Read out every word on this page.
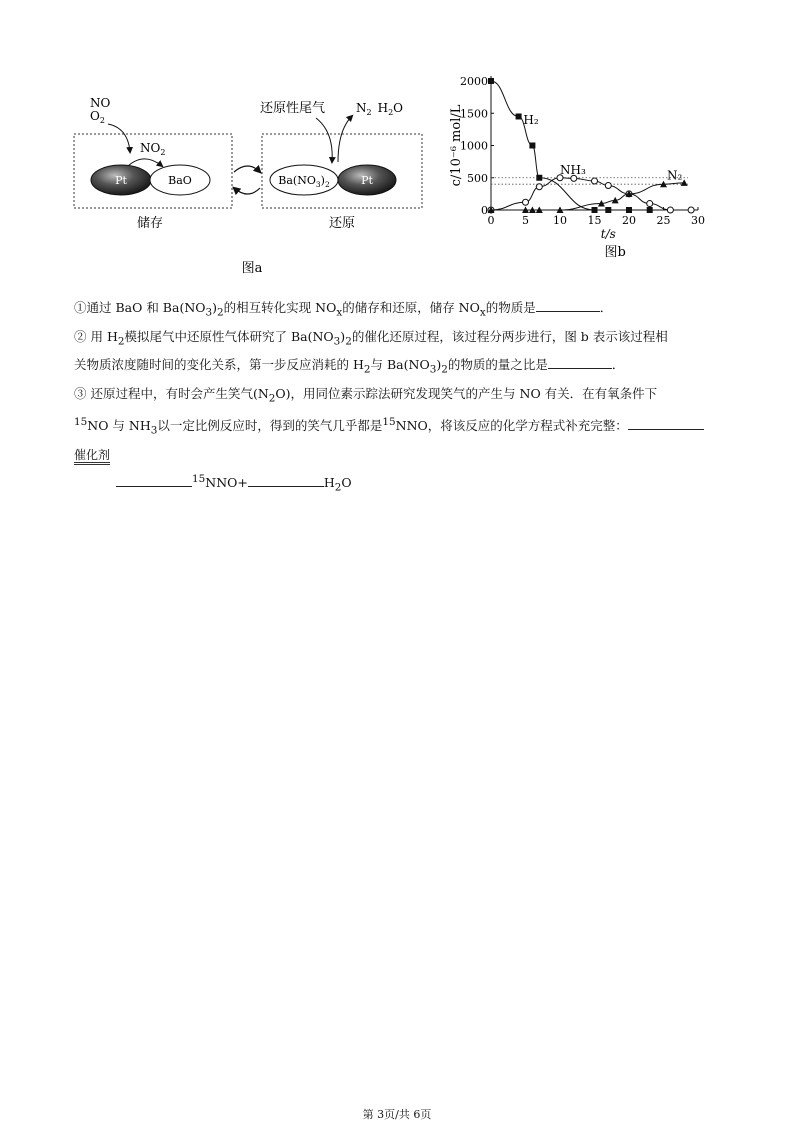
NO
$O_2$
$NO_2$
Pt	BaO	$Ba(NO_3)_2$	Pt
还原性尾气	$N_2$ $H_2O$
储存	还原
图a
0	5 10 15 20 25 30
0
500
1000
1500
2000
H₂
NH₃	N₂
t/s
c/10⁻⁶ mol/L
图b

①通过 BaO 和 $Ba(NO_3)_2$的相互转化实现 $NO_x$的储存和还原，储存 $NO_x$的物质是	．

② 用 $H_2$模拟尾气中还原性气体研究了 $Ba(NO_3)_2$的催化还原过程，该过程分两步进行，图 b 表示该过程相
关物质浓度随时间的变化关系，第一步反应消耗的 $H_2$与 $Ba(NO_3)_2$的物质的量之比是	．

③ 还原过程中，有时会产生笑气$(N_2O)$，用同位素示踪法研究发现笑气的产生与 NO 有关．在有氧条件下
$^{15}$NO 与 $NH_3$以一定比例反应时，得到的笑气几乎都是$^{15}$NNO，将该反应的化学方程式补充完整：
催化剂
$^{15}$NNO+	$H_2O$

第 3页/共 6页
